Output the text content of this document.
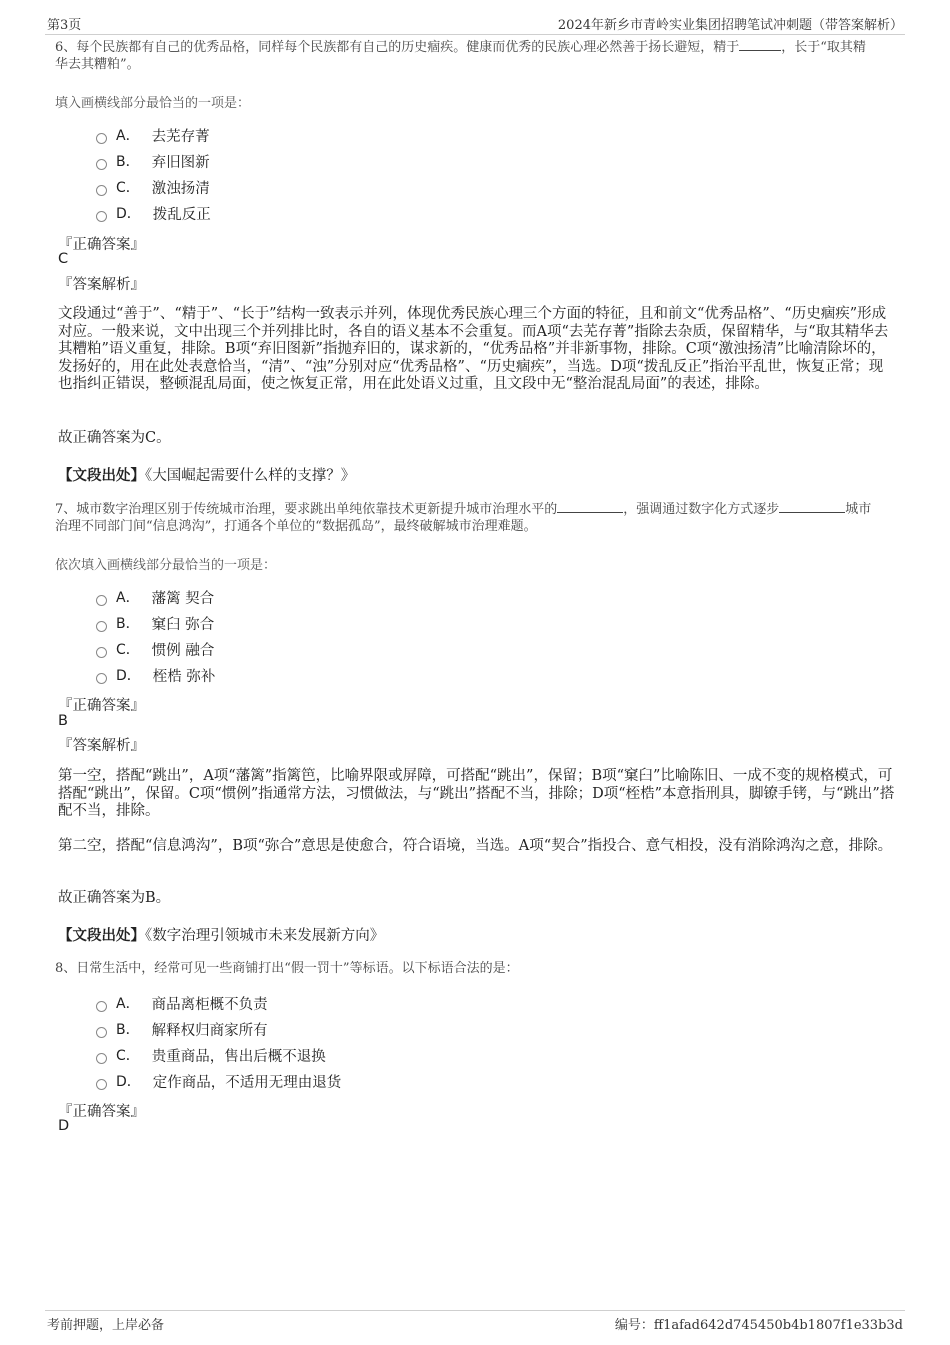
第3页	2024年新乡市青岭实业集团招聘笔试冲刺题（带答案解析）
6、每个民族都有自己的优秀品格，同样每个民族都有自己的历史痼疾。健康而优秀的民族心理必然善于扬长避短，精于	，长于“取其精
华去其糟粕”。
填入画横线部分最恰当的一项是：
A． 去芜存菁
B． 弃旧图新
C． 激浊扬清
D． 拨乱反正
『正确答案』
C
『答案解析』
文段通过“善于”、“精于”、“长于”结构一致表示并列，体现优秀民族心理三个方面的特征，且和前文“优秀品格”、“历史痼疾”形成对应。一般来说，文中出现三个并列排比时，各自的语义基本不会重复。而A项“去芜存菁”指除去杂质，保留精华，与“取其精华去其糟粕”语义重复，排除。B项“弃旧图新”指抛弃旧的，谋求新的，“优秀品格”并非新事物，排除。C项“激浊扬清”比喻清除坏的，发扬好的，用在此处表意恰当，“清”、“浊”分别对应“优秀品格”、“历史痼疾”，当选。D项“拨乱反正”指治平乱世，恢复正常；现也指纠正错误，整顿混乱局面，使之恢复正常，用在此处语义过重，且文段中无“整治混乱局面”的表述，排除。
故正确答案为C。
【文段出处】《大国崛起需要什么样的支撑？》
7、城市数字治理区别于传统城市治理，要求跳出单纯依靠技术更新提升城市治理水平的	，强调通过数字化方式逐步	城市
治理不同部门间“信息鸿沟”，打通各个单位的“数据孤岛”，最终破解城市治理难题。
依次填入画横线部分最恰当的一项是：
A． 藩篱 契合
B． 窠臼 弥合
C． 惯例 融合
D． 桎梏 弥补
『正确答案』
B
『答案解析』
第一空，搭配“跳出”，A项“藩篱”指篱笆，比喻界限或屏障，可搭配“跳出”，保留；B项“窠臼”比喻陈旧、一成不变的规格模式，可搭配“跳出”，保留。C项“惯例”指通常方法，习惯做法，与“跳出”搭配不当，排除；D项“桎梏”本意指刑具，脚镣手铐，与“跳出”搭配不当，排除。
第二空，搭配“信息鸿沟”，B项“弥合”意思是使愈合，符合语境，当选。A项“契合”指投合、意气相投，没有消除鸿沟之意，排除。
故正确答案为B。
【文段出处】《数字治理引领城市未来发展新方向》
8、日常生活中，经常可见一些商铺打出“假一罚十”等标语。以下标语合法的是：
A． 商品离柜概不负责
B． 解释权归商家所有
C． 贵重商品，售出后概不退换
D． 定作商品，不适用无理由退货
『正确答案』
D
考前押题，上岸必备	编号：ff1afad642d745450b4b1807f1e33b3d
